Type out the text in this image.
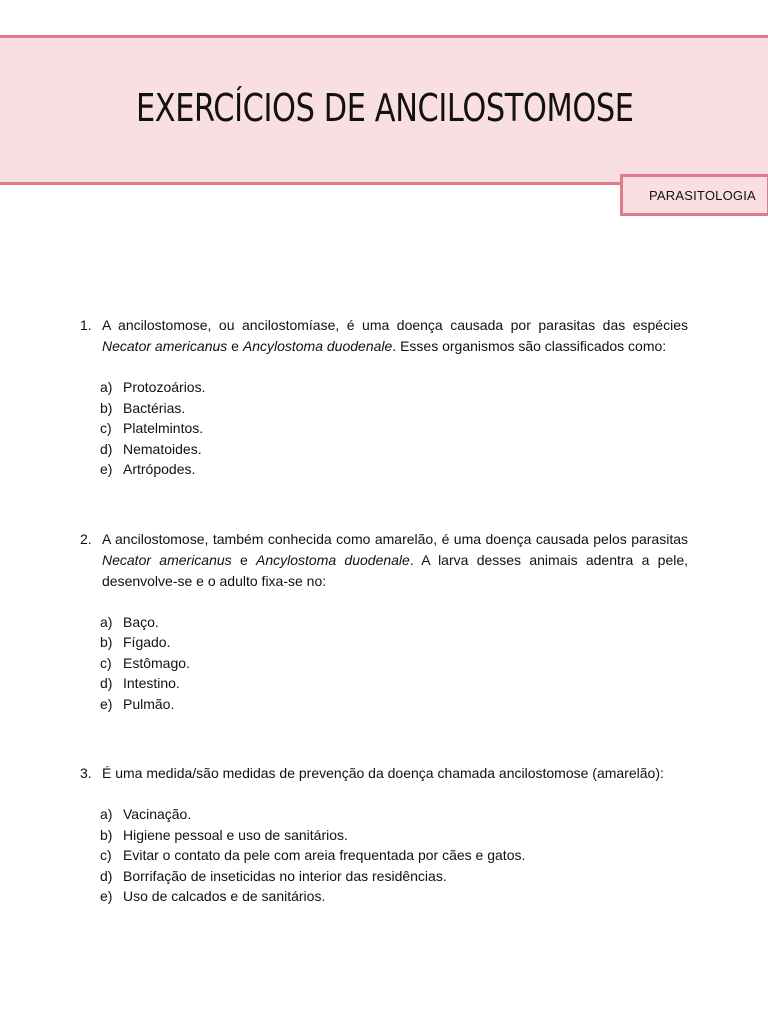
EXERCÍCIOS DE ANCILOSTOMOSE
PARASITOLOGIA
1. A ancilostomose, ou ancilostomíase, é uma doença causada por parasitas das espécies Necator americanus e Ancylostoma duodenale. Esses organismos são classificados como:
a) Protozoários.
b) Bactérias.
c) Platelmintos.
d) Nematoides.
e) Artrópodes.
2. A ancilostomose, também conhecida como amarelão, é uma doença causada pelos parasitas Necator americanus e Ancylostoma duodenale. A larva desses animais adentra a pele, desenvolve-se e o adulto fixa-se no:
a) Baço.
b) Fígado.
c) Estômago.
d) Intestino.
e) Pulmão.
3. É uma medida/são medidas de prevenção da doença chamada ancilostomose (amarelão):
a) Vacinação.
b) Higiene pessoal e uso de sanitários.
c) Evitar o contato da pele com areia frequentada por cães e gatos.
d) Borrifação de inseticidas no interior das residências.
e) Uso de calcados e de sanitários.
